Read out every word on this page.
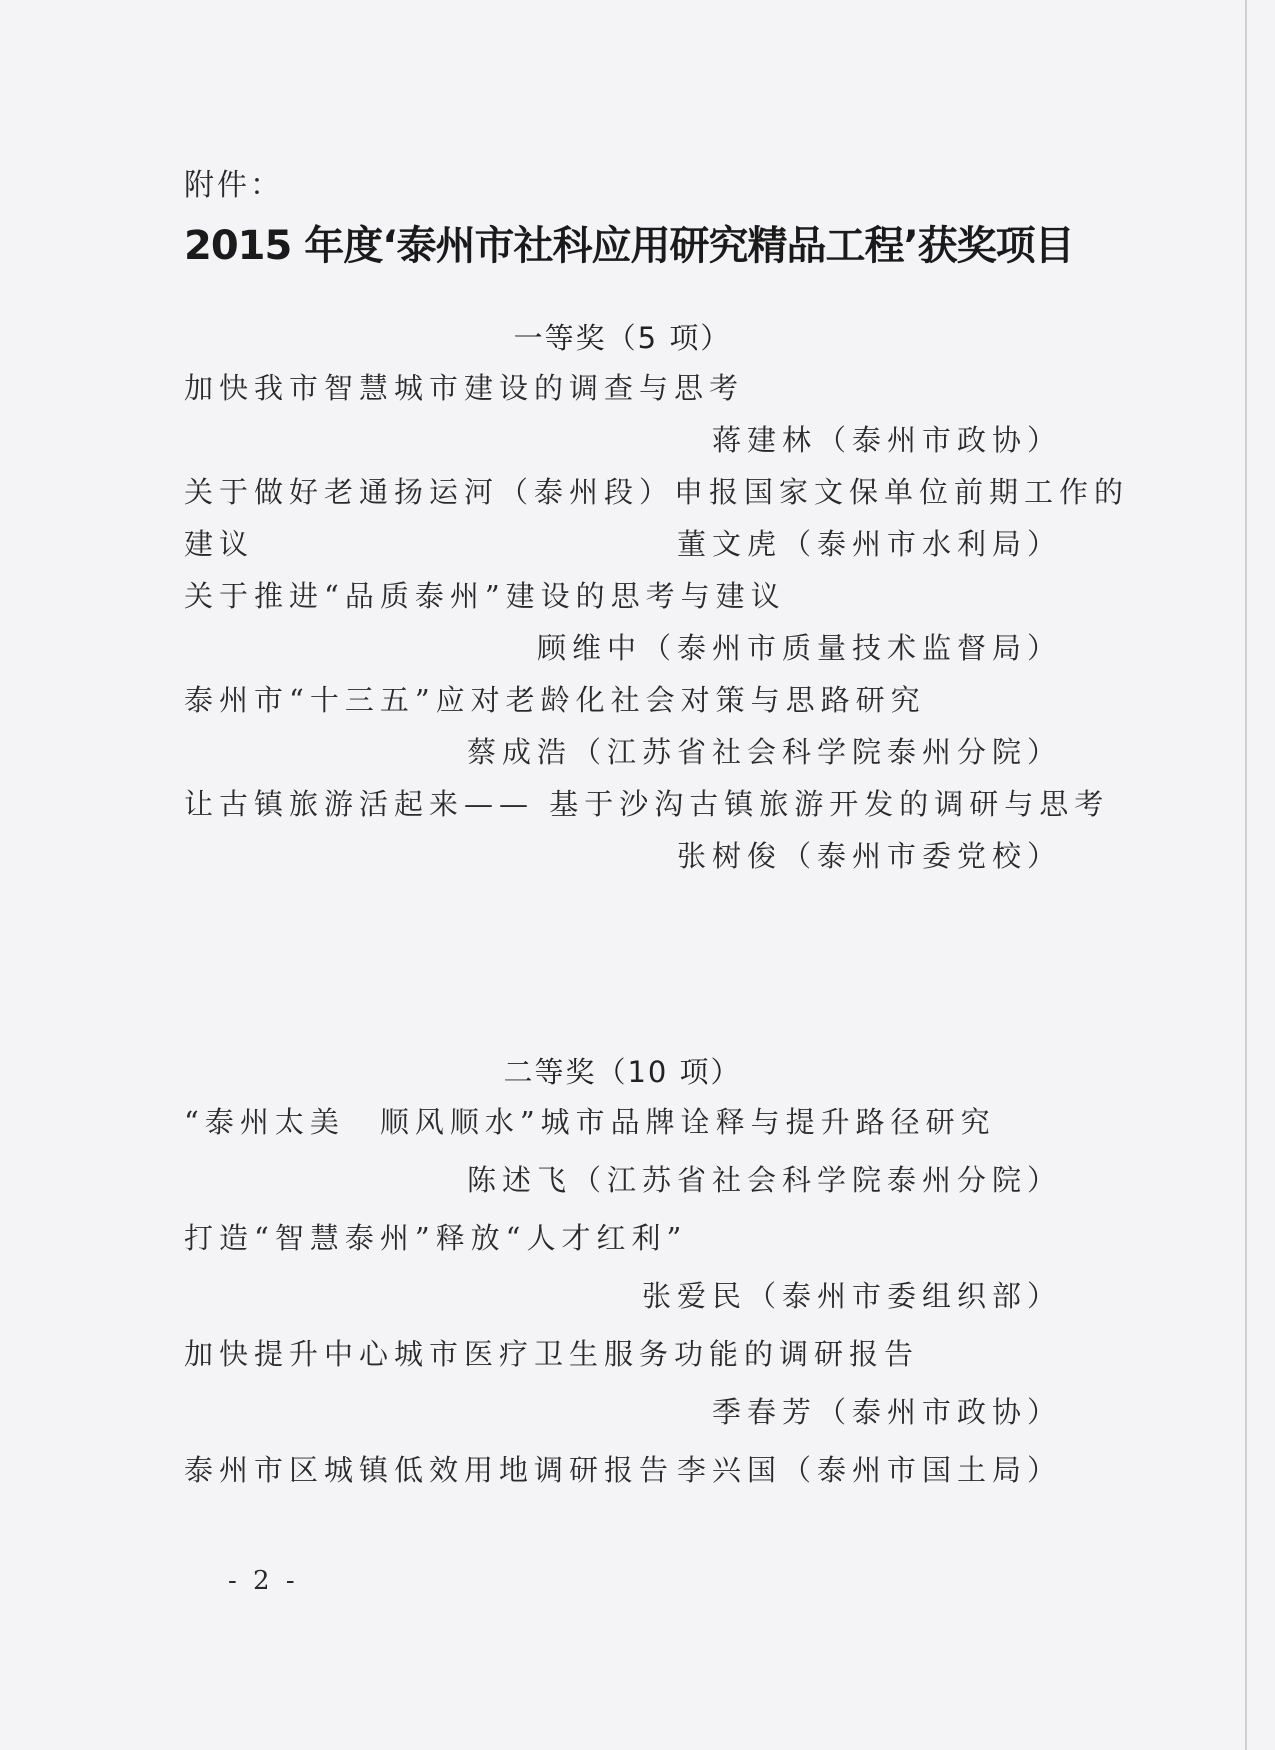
附件：
2015 年度‘泰州市社科应用研究精品工程’获奖项目
一等奖（5 项）
加快我市智慧城市建设的调查与思考
蒋建林（泰州市政协）
关于做好老通扬运河（泰州段）申报国家文保单位前期工作的
建议	董文虎（泰州市水利局）
关于推进“品质泰州”建设的思考与建议
顾维中（泰州市质量技术监督局）
泰州市“十三五”应对老龄化社会对策与思路研究
蔡成浩（江苏省社会科学院泰州分院）
让古镇旅游活起来—— 基于沙沟古镇旅游开发的调研与思考
张树俊（泰州市委党校）
二等奖（10 项）
“泰州太美　顺风顺水”城市品牌诠释与提升路径研究
陈述飞（江苏省社会科学院泰州分院）
打造“智慧泰州”释放“人才红利”
张爱民（泰州市委组织部）
加快提升中心城市医疗卫生服务功能的调研报告
季春芳（泰州市政协）
泰州市区城镇低效用地调研报告 李兴国（泰州市国土局）
- 2 -
